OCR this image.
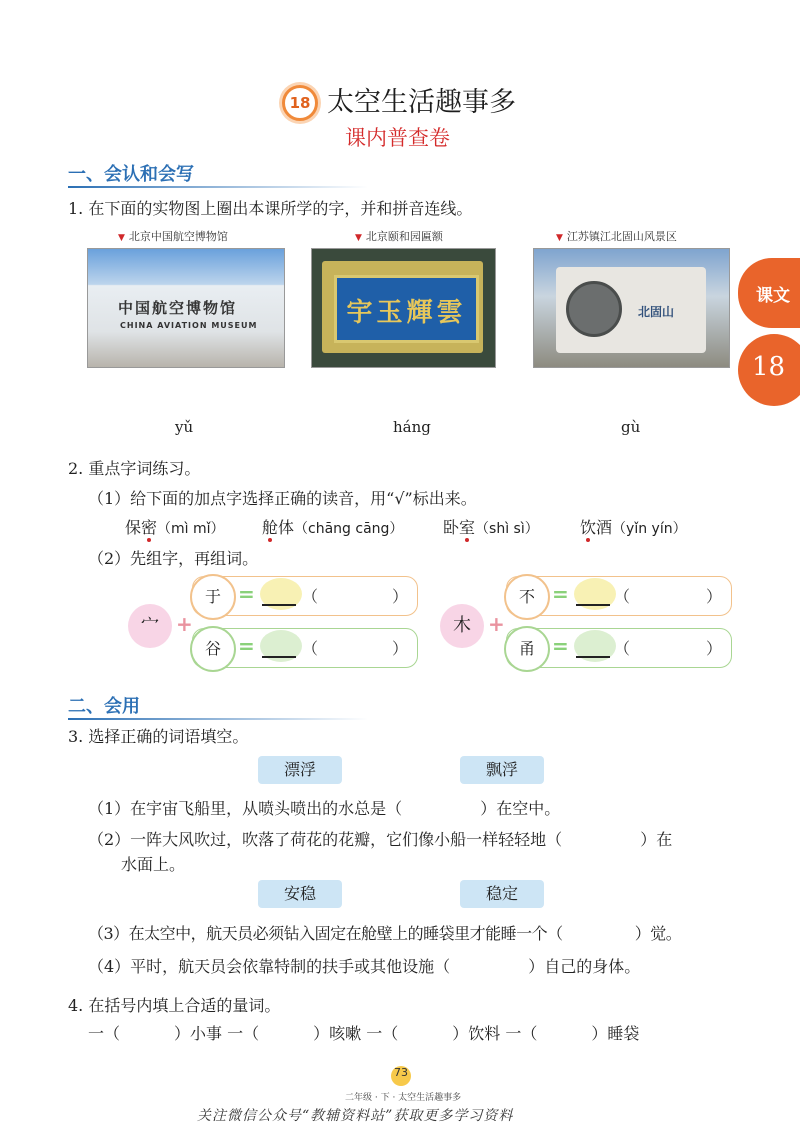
18 太空生活趣事多
课内普查卷
一、会认和会写
1. 在下面的实物图上圈出本课所学的字，并和拼音连线。
▼ 北京中国航空博物馆	▼ 北京颐和园匾额	▼ 江苏镇江北固山风景区
中国航空博物馆
CHINA AVIATION MUSEUM	宇玉輝雲	北固山
课文
18
yǔ	háng	gù
2. 重点字词练习。
（1）给下面的加点字选择正确的读音，用“√”标出来。
保密（mì mǐ） 舱体（chāng cāng） 卧室（shì sì）	饮酒（yǐn yín）
（2）先组字，再组词。
宀 +
于 =	（	）
谷 =	（	）
木 +
不 =	（	）
甬 =	（	）
二、会用
3. 选择正确的词语填空。
漂浮	飘浮
（1）在宇宙飞船里，从喷头喷出的水总是（	）在空中。
（2）一阵大风吹过，吹落了荷花的花瓣，它们像小船一样轻轻地（	）在
水面上。
安稳	稳定
（3）在太空中，航天员必须钻入固定在舱壁上的睡袋里才能睡一个（	）觉。
（4）平时，航天员会依靠特制的扶手或其他设施（	）自己的身体。
4. 在括号内填上合适的量词。
一（	）小事 一（	）咳嗽 一（	）饮料 一（	）睡袋
73
二年级 · 下 · 太空生活趣事多
关注微信公众号“教辅资料站”获取更多学习资料
